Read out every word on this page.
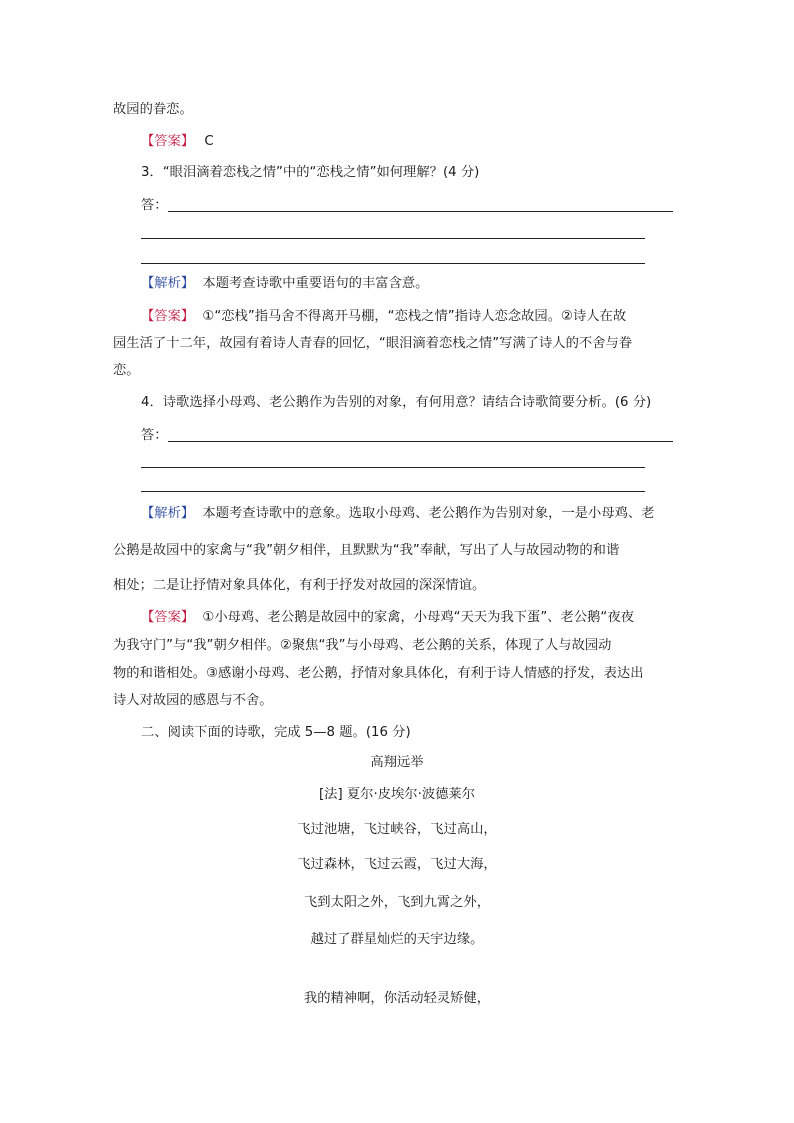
故园的眷恋。
【答案】 C
3．“眼泪滴着恋栈之情”中的“恋栈之情”如何理解？(4 分)
答：
【解析】 本题考查诗歌中重要语句的丰富含意。
【答案】 ①“恋栈”指马舍不得离开马棚，“恋栈之情”指诗人恋念故园。②诗人在故
园生活了十二年，故园有着诗人青春的回忆，“眼泪滴着恋栈之情”写满了诗人的不舍与眷
恋。
4．诗歌选择小母鸡、老公鹅作为告别的对象，有何用意？请结合诗歌简要分析。(6 分)
答：
【解析】 本题考查诗歌中的意象。选取小母鸡、老公鹅作为告别对象，一是小母鸡、老
公鹅是故园中的家禽与“我”朝夕相伴，且默默为“我”奉献，写出了人与故园动物的和谐
相处；二是让抒情对象具体化，有利于抒发对故园的深深情谊。
【答案】 ①小母鸡、老公鹅是故园中的家禽，小母鸡“天天为我下蛋”、老公鹅“夜夜
为我守门”与“我”朝夕相伴。②聚焦“我”与小母鸡、老公鹅的关系，体现了人与故园动
物的和谐相处。③感谢小母鸡、老公鹅，抒情对象具体化，有利于诗人情感的抒发，表达出
诗人对故园的感恩与不舍。
二、阅读下面的诗歌，完成 5—8 题。(16 分)
高翔远举
[法] 夏尔·皮埃尔·波德莱尔
飞过池塘，飞过峡谷，飞过高山，
飞过森林，飞过云霞，飞过大海，
飞到太阳之外，飞到九霄之外，
越过了群星灿烂的天宇边缘。
我的精神啊，你活动轻灵矫健，
